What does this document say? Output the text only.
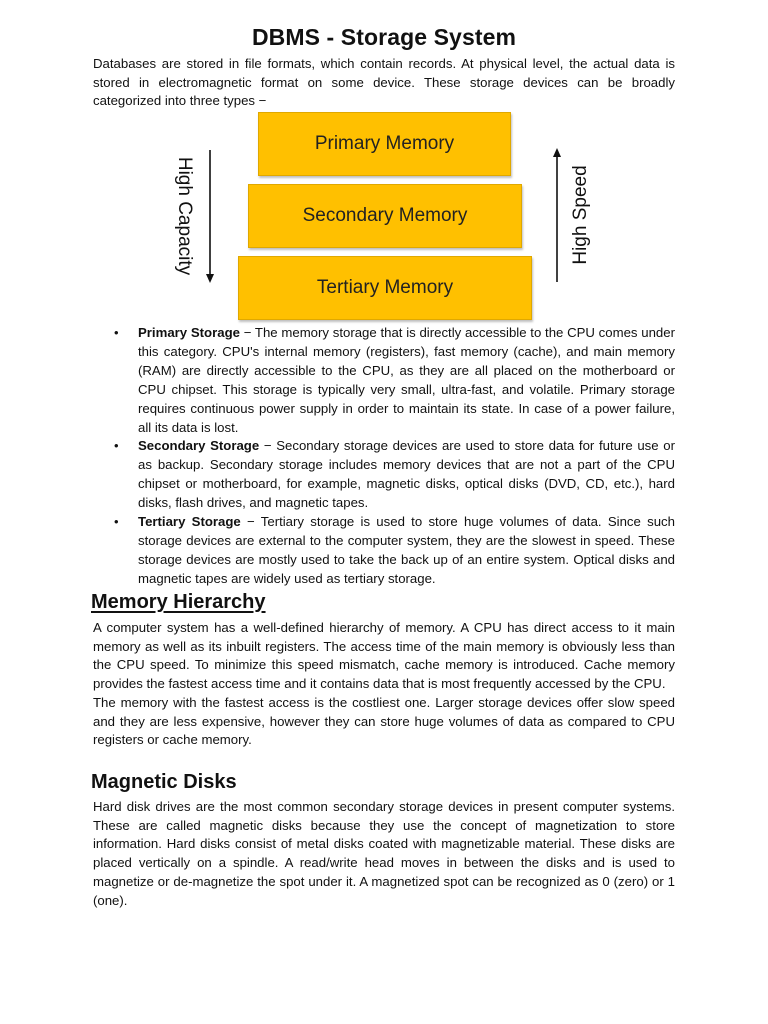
DBMS - Storage System

Databases are stored in file formats, which contain records. At physical level, the actual data is stored in electromagnetic format on some device. These storage devices can be broadly categorized into three types −

Primary Memory
Secondary Memory
Tertiary Memory
High Capacity	High Speed
• Primary Storage − The memory storage that is directly accessible to the CPU comes under this category. CPU's internal memory (registers), fast memory (cache), and main memory (RAM) are directly accessible to the CPU, as they are all placed on the motherboard or CPU chipset. This storage is typically very small, ultra-fast, and volatile. Primary storage requires continuous power supply in order to maintain its state. In case of a power failure, all its data is lost.
• Secondary Storage − Secondary storage devices are used to store data for future use or as backup. Secondary storage includes memory devices that are not a part of the CPU chipset or motherboard, for example, magnetic disks, optical disks (DVD, CD, etc.), hard disks, flash drives, and magnetic tapes.
• Tertiary Storage − Tertiary storage is used to store huge volumes of data. Since such storage devices are external to the computer system, they are the slowest in speed. These storage devices are mostly used to take the back up of an entire system. Optical disks and magnetic tapes are widely used as tertiary storage.
Memory Hierarchy

A computer system has a well-defined hierarchy of memory. A CPU has direct access to it main memory as well as its inbuilt registers. The access time of the main memory is obviously less than the CPU speed. To minimize this speed mismatch, cache memory is introduced. Cache memory provides the fastest access time and it contains data that is most frequently accessed by the CPU.

The memory with the fastest access is the costliest one. Larger storage devices offer slow speed and they are less expensive, however they can store huge volumes of data as compared to CPU registers or cache memory.

Magnetic Disks

Hard disk drives are the most common secondary storage devices in present computer systems. These are called magnetic disks because they use the concept of magnetization to store information. Hard disks consist of metal disks coated with magnetizable material. These disks are placed vertically on a spindle. A read/write head moves in between the disks and is used to magnetize or de-magnetize the spot under it. A magnetized spot can be recognized as 0 (zero) or 1 (one).
